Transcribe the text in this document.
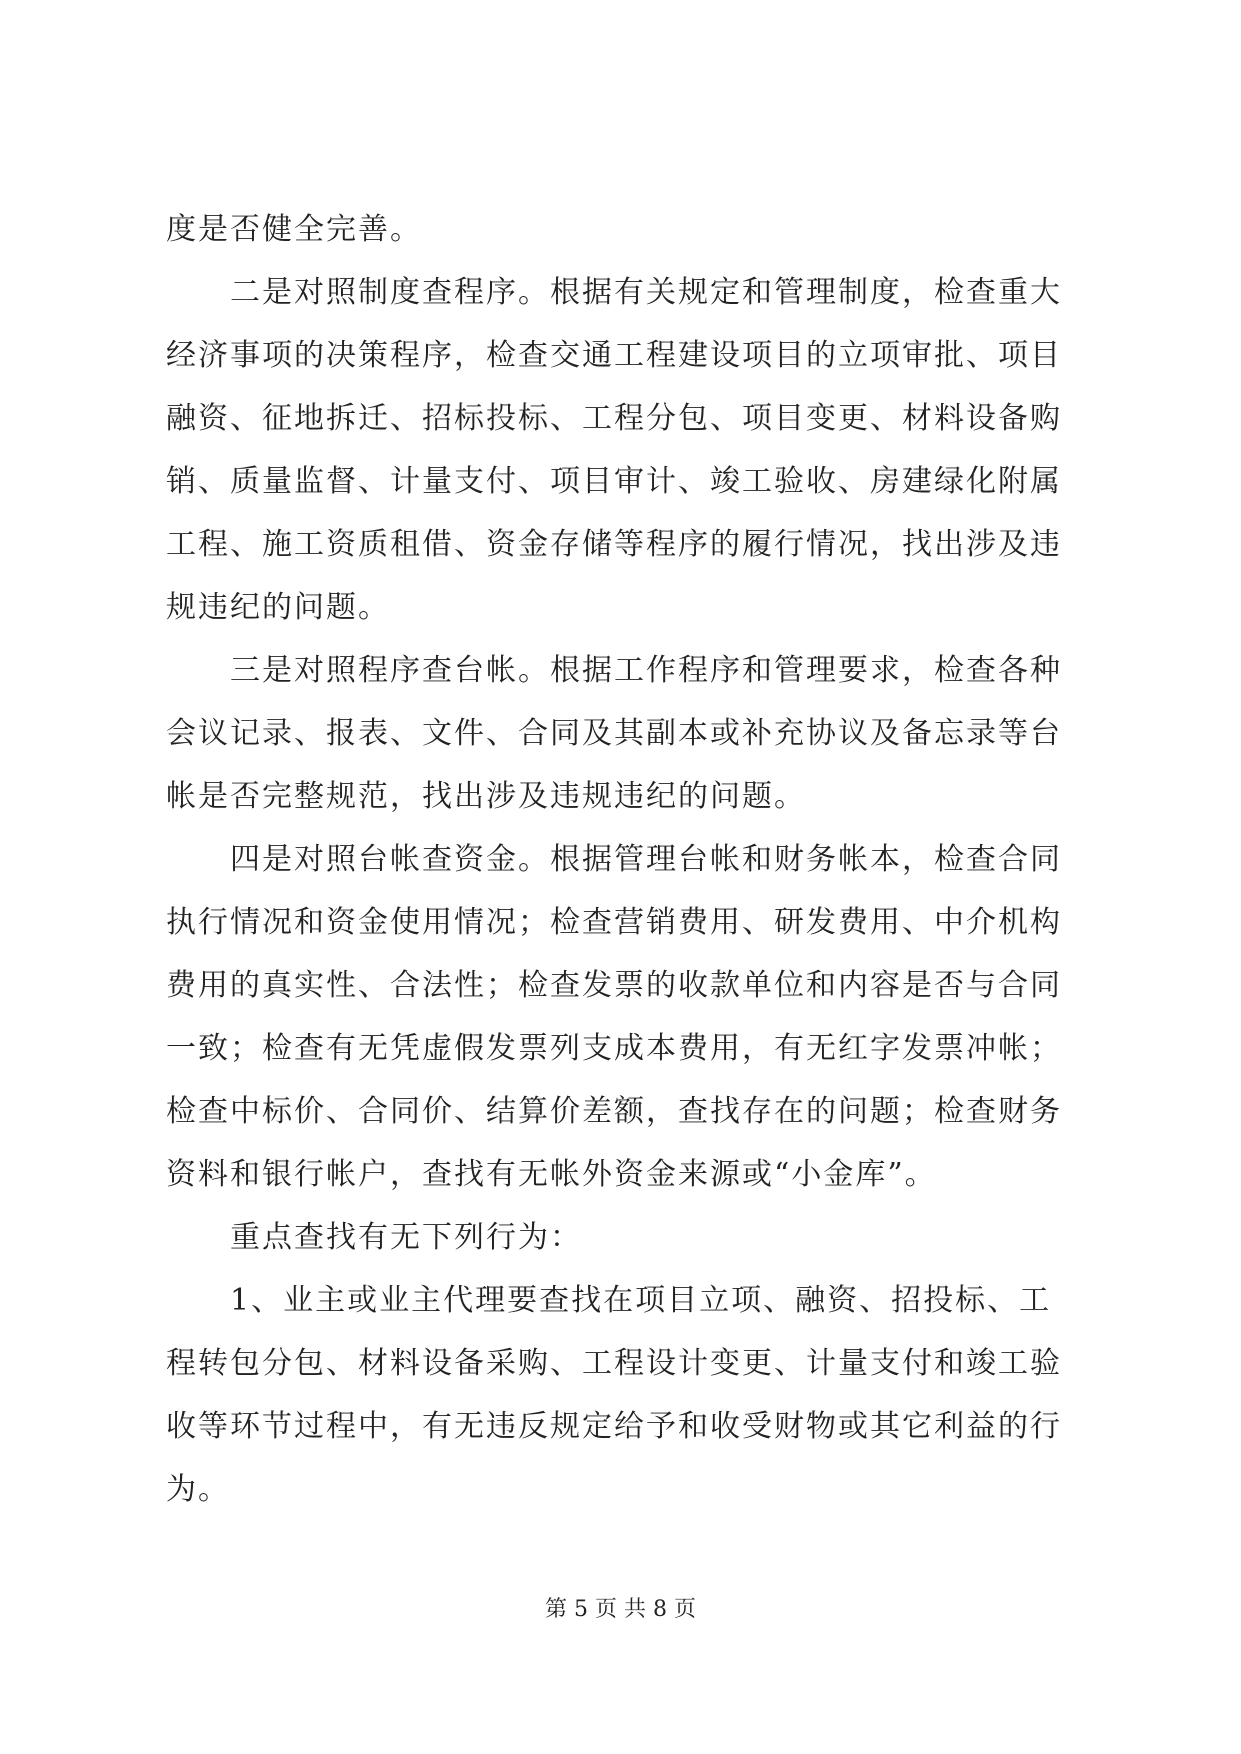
度是否健全完善。
二是对照制度查程序。根据有关规定和管理制度，检查重大
经济事项的决策程序，检查交通工程建设项目的立项审批、项目
融资、征地拆迁、招标投标、工程分包、项目变更、材料设备购
销、质量监督、计量支付、项目审计、竣工验收、房建绿化附属
工程、施工资质租借、资金存储等程序的履行情况，找出涉及违
规违纪的问题。
三是对照程序查台帐。根据工作程序和管理要求，检查各种
会议记录、报表、文件、合同及其副本或补充协议及备忘录等台
帐是否完整规范，找出涉及违规违纪的问题。
四是对照台帐查资金。根据管理台帐和财务帐本，检查合同
执行情况和资金使用情况；检查营销费用、研发费用、中介机构
费用的真实性、合法性；检查发票的收款单位和内容是否与合同
一致；检查有无凭虚假发票列支成本费用，有无红字发票冲帐；
检查中标价、合同价、结算价差额，查找存在的问题；检查财务
资料和银行帐户，查找有无帐外资金来源或“小金库”。
重点查找有无下列行为：
1、业主或业主代理要查找在项目立项、融资、招投标、工
程转包分包、材料设备采购、工程设计变更、计量支付和竣工验
收等环节过程中，有无违反规定给予和收受财物或其它利益的行
为。
第 5 页 共 8 页
